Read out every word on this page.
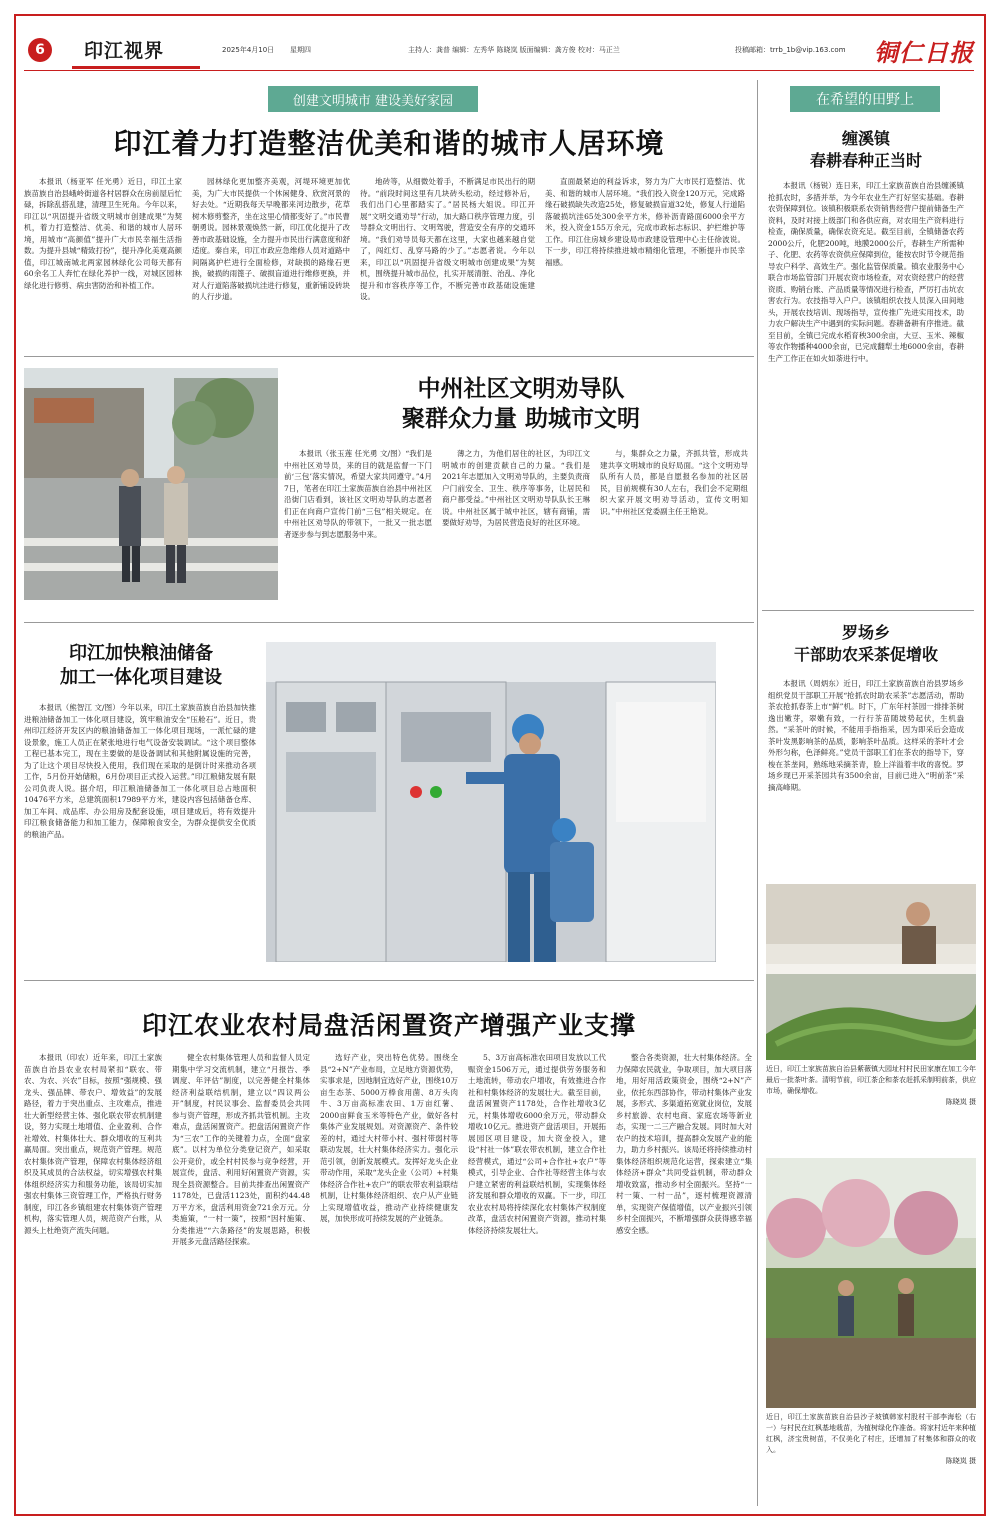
6	印江视界	2025年4月10日 星期四	主持人：龚普 编辑：左秀华 陈晓岚 版面编辑：龚方俊 校对：马正兰	投稿邮箱：trrb_1b@vip.163.com 铜仁日报
创建文明城市 建设美好家园	在希望的田野上
印江着力打造整洁优美和谐的城市人居环境

本报讯（杨亚军 任光勇）近日，印江土家族苗族自治县峨岭街道各村居群众在房前屋后忙碌，拆除乱搭乱建，清理卫生死角。今年以来，印江以“巩固提升省级文明城市创建成果”为契机，着力打造整洁、优美、和谐的城市人居环境，用城市“高颜值”提升广大市民幸福生活指数。为提升县城“精致打扮”，提升净化美观高颜值，印江城南城北两家园林绿化公司每天都有60余名工人奔忙在绿化养护一线，对城区园林绿化进行修剪、病虫害防治和补植工作。

园林绿化更加整齐美观，河堤环境更加优美，为广大市民提供一个休闲健身、欣赏河景的好去处。“近期我每天早晚都来河边散步，花草树木修剪整齐，坐在这里心情都变好了。”市民曹朝勇说。园林景观焕然一新，印江优化提升了改善市政基础设施，全力提升市民出行满意度和舒适度。秦自来，印江市政应急维修人员对道路中间隔离护栏进行全面检修，对缺损的路缘石更换，破损的雨篦子、破损盲道进行维修更换，并对人行道陷落破损坑洼进行修复，重新铺设砖块的人行步道。

地砖等，从细微处着手，不断满足市民出行的期待。“前段时间这里有几块砖头松动，经过修补后，我们出门心里都踏实了。”居民杨大姐说。印江开展“文明交通劝导”行动，加大路口秩序管理力度，引导群众文明出行、文明驾驶，营造安全有序的交通环境。“我们劝导员每天都在这里，大家也越来越自觉了，闯红灯、乱穿马路的少了。”志愿者说。今年以来，印江以“巩固提升省级文明城市创建成果”为契机，围绕提升城市品位，扎实开展清脏、治乱、净化提升和市容秩序等工作，不断完善市政基础设施建设。

直面最紧迫的利益诉求，努力为广大市民打造整洁、优美、和谐的城市人居环境。“我们投入资金120万元，完成路缘石破损缺失改造25处，修复破损盲道32处，修复人行道陷落破损坑洼65处300余平方米，修补沥青路面6000余平方米，投入资金155万余元，完成市政标志标识、护栏维护等工作。印江住房城乡建设局市政建设管理中心主任徐波说。下一步，印江将持续推进城市精细化管理，不断提升市民幸福感。

缠溪镇
春耕春种正当时

本报讯（杨锐）连日来，印江土家族苗族自治县缠溪镇抢抓农时，多措并举，为今年农业生产打好坚实基础。春耕农资保障到位。该镇积极联系农资销售经营户提前储备生产资料，及时对接上级部门和各供应商，对农用生产资料进行检查，确保质量，确保农资充足。截至目前，全镇储备农药2000公斤，化肥200吨，地膜2000公斤，春耕生产所需种子、化肥、农药等农资供应保障到位，能按农时节令规范指导农户科学、高效生产。强化监管保质量。镇农业服务中心联合市场监管部门开展农资市场检查，对农资经营户的经营资质、购销台账、产品质量等情况进行检查，严厉打击坑农害农行为。农技指导入户户。该镇组织农技人员深入田间地头，开展农技培训、现场指导，宣传推广先进实用技术，助力农户解决生产中遇到的实际问题。春耕备耕有序推进。截至目前，全镇已完成水稻育秧300余亩，大豆、玉米、辣椒等农作物播种4000余亩，已完成翻犁土地6000余亩，春耕生产工作正在如火如荼进行中。

中州社区文明劝导队
聚群众力量 助城市文明

本报讯（张玉莲 任光勇 文/图）“我们是中州社区劝导员，来的目的就是监督一下门前‘三包’落实情况，希望大家共同遵守。”4月7日，笔者在印江土家族苗族自治县中州社区沿街门店看到，该社区文明劝导队的志愿者们正在向商户宣传门前“三包”相关规定。在中州社区劝导队的带领下，一批又一批志愿者逐步参与到志愿服务中来。

薄之力，为他们居住的社区，为印江文明城市的创建贡献自己的力量。“我们是2021年志愿加入文明劝导队的，主要负责商户门前安全、卫生、秩序等事务，让居民和商户都受益。”中州社区文明劝导队队长王琳说。中州社区属于城中社区，辖有商铺，需要做好劝导，为居民营造良好的社区环境。

与，集群众之力量，齐抓共管，形成共建共享文明城市的良好局面。“这个文明劝导队所有人员，都是自愿报名参加的社区居民，目前规模有30人左右，我们会不定期组织大家开展文明劝导活动，宣传文明知识。”中州社区党委副主任王艳说。

印江加快粮油储备
加工一体化项目建设

本报讯（熊智江 文/图）今年以来，印江土家族苗族自治县加快推进粮油储备加工一体化项目建设，筑牢粮油安全“压舱石”。近日，贵州印江经济开发区内的粮油储备加工一体化项目现场，一派忙碌的建设景象，施工人员正在紧张地进行电气设备安装调试。“这个项目整体工程已基本完工，现在主要做的是设备调试和其他附属设施的完善，为了让这个项目尽快投入使用，我们现在采取的是倒计时来推动各项工作，5月份开始储粮，6月份项目正式投入运营。”印江粮储发展有限公司负责人说。据介绍，印江粮油储备加工一体化项目总占地面积10476平方米，总建筑面积17989平方米，建设内容包括储备仓库、加工车间、成品库、办公用房及配套设施，项目建成后，将有效提升印江粮食储备能力和加工能力，保障粮食安全，为群众提供安全优质的粮油产品。

罗场乡
干部助农采茶促增收

本报讯（周炳东）近日，印江土家族苗族自治县罗场乡组织党员干部职工开展“抢抓农时助农采茶”志愿活动，帮助茶农抢抓春茶上市“鲜”机。时下，广东年村茶园一排排茶树逸出嫩芽，翠嫩有致，一行行茶苗随坡势起伏，生机盎然。“采茶叶的时候，不能用手指指采，因为即采后会造成茶叶发黑影响茶的品质，影响茶叶品质。这样采的茶叶才会外形匀称，色泽鲜亮。”党员干部职工们在茶农的指导下，穿梭在茶垄间，熟练地采摘茶青，脸上洋溢着丰收的喜悦。罗场乡现已开采茶园共有3500余亩，目前已进入“明前茶”采摘高峰期。

近日，印江土家族苗族自治县紫薇镇大园址村村民田家康在加工今年最后一批茶叶茶。清明节前，印江茶企和茶农赶抓采制明前茶，供应市场，确保增收。
陈晓岚 摄
近日，印江土家族苗族自治县沙子坡镇韩家村股村干部李海松（右一）与村民在红枫基地栽苗，为植树绿化作准备。将家村近年来种植红枫，济宝贵树苗，不仅美化了村庄，还增加了村集体和群众的收入。
陈晓岚 摄
印江农业农村局盘活闲置资产增强产业支撑

本报讯（印农）近年来，印江土家族苗族自治县农业农村局紧扣“联农、带农、为农、兴农”目标，按照“强规模、强龙头、强品牌、带农户、增效益”的发展路径，着力于突出重点、主攻难点，推进壮大新型经营主体、强化联农带农机制建设，努力实现土地增值、企业盈利、合作社增效、村集体壮大、群众增收的互利共赢局面。突出重点，规范资产管理。规范农村集体资产管理，保障农村集体经济组织及其成员的合法权益，切实增强农村集体组织经济实力和服务功能，该局切实加强农村集体三资管理工作，严格执行财务制度，印江各乡镇组建农村集体资产管理机构，落实管理人员，规范资产台账，从源头上杜绝资产流失问题。

健全农村集体管理人员和监督人员定期集中学习交流机制，建立“月报告、季调度、年评估”制度，以完善健全村集体经济利益联结机制，建立以“四议两公开”制度，村民议事会、监督委员会共同参与资产管理，形成齐抓共管机制。主攻难点，盘活闲置资产。把盘活闲置资产作为“三农”工作的关键着力点，全面“盘家底”。以村为单位分类登记资产，如采取公开竞价，或全村村民参与竞争经营，开展宣传，盘活、利用好闲置资产资源，实现全县资源整合。目前共排查出闲置资产1178处，已盘活1123处，面积约44.48万平方米，盘活利用资金721余万元。分类施策，“一村一策”，按照“因村施策、分类推进”“六条路径”的发展思路，积极开展多元盘活路径探索。

选好产业，突出特色优势。围绕全县“2+N”产业布局，立足地方资源优势，实事求是，因地制宜选好产业，围绕10万亩生态茶、5000万棒食用菌、8万头肉牛、3万亩高标准农田、1万亩红薯、2000亩鲜食玉米等特色产业，做好各村集体产业发展规划。对资源资产、条件较差的村，通过大村带小村、强村带弱村等联动发展，壮大村集体经济实力。强化示范引领，创新发展模式。发挥好龙头企业带动作用，采取“龙头企业（公司）+村集体经济合作社+农户”的联农带农利益联结机制，让村集体经济组织、农户从产业链上实现增值收益，推动产业持续健康发展，加快形成可持续发展的产业链条。

5、3万亩高标准农田项目发放以工代赈资金1506万元，通过提供劳务服务和土地流转，带动农户增收，有效推进合作社和村集体经济的发展壮大。截至目前，盘活闲置资产1178处，合作社增收3亿元，村集体增收6000余万元，带动群众增收10亿元。推进资产盘活项目，开展拓展园区项目建设，加大资金投入，建设“村社一体”联农带农机制，建立合作社经营模式，通过“公司+合作社+农户”等模式，引导企业、合作社等经营主体与农户建立紧密的利益联结机制，实现集体经济发展和群众增收的双赢。下一步，印江农业农村局将持续深化农村集体产权制度改革，盘活农村闲置资产资源，推动村集体经济持续发展壮大。

整合各类资源，壮大村集体经济。全力保障农民就业，争取项目，加大项目落地，用好用活政策资金，围绕“2+N”产业，依托东西部协作，带动村集体产业发展，多形式、多渠道拓宽就业岗位，发展乡村旅游、农村电商、家庭农场等新业态，实现一二三产融合发展。同时加大对农户的技术培训，提高群众发展产业的能力，助力乡村振兴。该局还将持续推动村集体经济组织规范化运营，探索建立“集体经济+群众”共同受益机制，带动群众增收致富，推动乡村全面振兴。坚持“一村一策、一村一品”，逐村梳理资源清单，实现资产保值增值，以产业振兴引领乡村全面振兴，不断增强群众获得感幸福感安全感。
